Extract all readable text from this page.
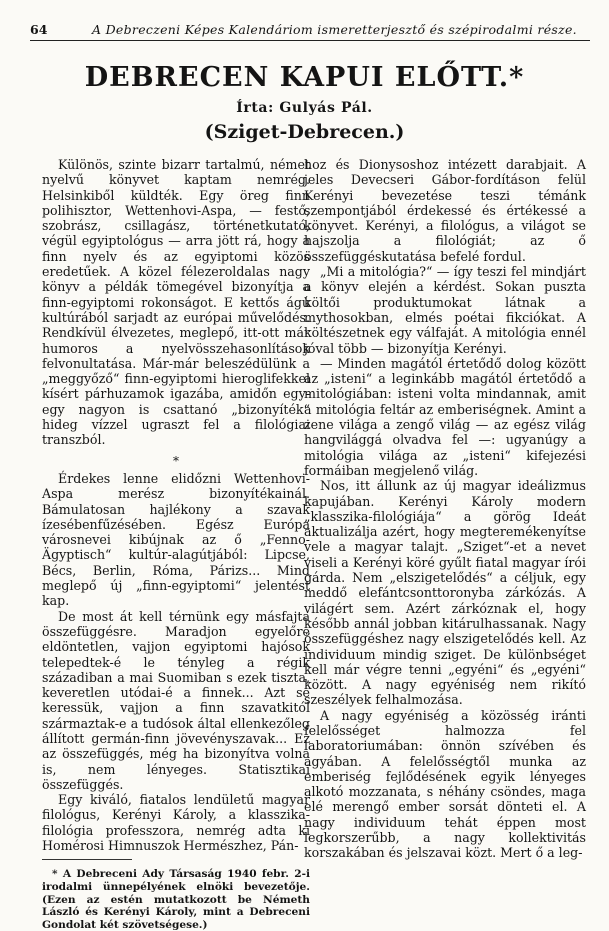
64	A Debreczeni Képes Kalendáriom ismeretterjesztő és szépirodalmi része.
DEBRECEN KAPUI ELŐTT.*
Írta: Gulyás Pál.
(Sziget-Debrecen.)

Különös, szinte bizarr tartalmú, német nyelvű könyvet kaptam nemrég. Helsinkiből küldték. Egy öreg finn polihisztor, Wettenhovi-Aspa, — festő, szobrász, csillagász, történetkutató, végül egyiptológus — arra jött rá, hogy a finn nyelv és az egyiptomi közös eredetűek. A közel félezeroldalas nagy könyv a példák tömegével bizonyítja a finn-egyiptomi rokonságot. E kettős ágú kultúrából sarjadt az európai művelődés. Rendkívül élvezetes, meglepő, itt-ott már humoros a nyelvösszehasonlítások felvonultatása. Már-már beleszédülünk a „meggyőző“ finn-egyiptomi hieroglifekkel kísért párhuzamok igazába, amidőn egy-egy nagyon is csattanó „bizonyíték“ hideg vízzel ugraszt fel a filológiai transzból.

*

Érdekes lenne elidőzni Wettenhovi-Aspa merész bizonyítékainál. Bámulatosan hajlékony a szavak ízesébenfűzésében. Egész Európa városnevei kibújnak az ő „Fenno-Ägyptisch“ kultúr-alagútjából: Lipcse, Bécs, Berlin, Róma, Párizs... Mind meglepő új „finn-egyiptomi“ jelentést kap.

De most át kell térnünk egy másfajta összefüggésre. Maradjon egyelőre eldöntetlen, vajjon egyiptomi hajósok telepedtek-é le tényleg a régik századiban a mai Suomiban s ezek tiszta, keveretlen utódai-é a finnek... Azt se keressük, vajjon a finn szavatkitól származtak-e a tudósok által ellenkezőleg állított germán-finn jövevényszavak... Ez az összefüggés, még ha bizonyítva volna is, nem lényeges. Statisztikai összefüggés.

Egy kiváló, fiatalos lendületű magyar filológus, Kerényi Károly, a klasszika-filológia professzora, nemrég adta ki Homérosi Himnuszok Hermészhez, Pán-

* A Debreceni Ady Társaság 1940 febr. 2-i irodalmi ünnepélyének elnöki bevezetője. (Ezen az estén mutatkozott be Németh László és Kerényi Károly, mint a Debreceni Gondolat két szövetségese.)

hoz és Dionysoshoz intézett darabjait. A jeles Devecseri Gábor-fordításon felül Kerényi bevezetése teszi témánk szempontjából érdekessé és értékessé a könyvet. Kerényi, a filológus, a világot se hajszolja a filológiát; az ő összefüggéskutatása befelé fordul.

„Mi a mitológia?“ — így teszi fel mindjárt a könyv elején a kérdést. Sokan puszta költői produktumokat látnak a mythosokban, elmés poétai fikciókat. A költészetnek egy válfaját. A mitológia ennél jóval több — bizonyítja Kerényi.

— Minden magától értetődő dolog között az „isteni“ a leginkább magától értetődő a mitológiában: isteni volta mindannak, amit a mitológia feltár az emberiségnek. Amint a zene világa a zengő világ — az egész világ hangvilággá olvadva fel —: ugyanúgy a mitológia világa az „isteni“ kifejezési formáiban megjelenő világ.

Nos, itt állunk az új magyar ideálizmus kapujában. Kerényi Károly modern „klasszika-filológiája“ a görög Ideát aktualizálja azért, hogy megteremékenyítse vele a magyar talajt. „Sziget“-et a nevet viseli a Kerényi köré gyűlt fiatal magyar írói gárda. Nem „elszigetelődés“ a céljuk, egy meddő elefántcsonttoronyba zárkózás. A világért sem. Azért zárkóznak el, hogy később annál jobban kitárulhassanak. Nagy összefüggéshez nagy elszigetelődés kell. Az individuum mindig sziget. De különbséget kell már végre tenni „egyéni“ és „egyéni“ között. A nagy egyéniség nem rikító szeszélyek felhalmozása.

A nagy egyéniség a közösség iránti felelősséget halmozza fel laboratoriumában: önnön szívében és agyában. A felelősségtől munka az emberiség fejlődésének egyik lényeges alkotó mozzanata, s néhány csöndes, maga elé merengő ember sorsát dönteti el. A nagy individuum tehát éppen most legkorszerűbb, a nagy kollektivitás korszakában és jelszavai közt. Mert ő a leg-
